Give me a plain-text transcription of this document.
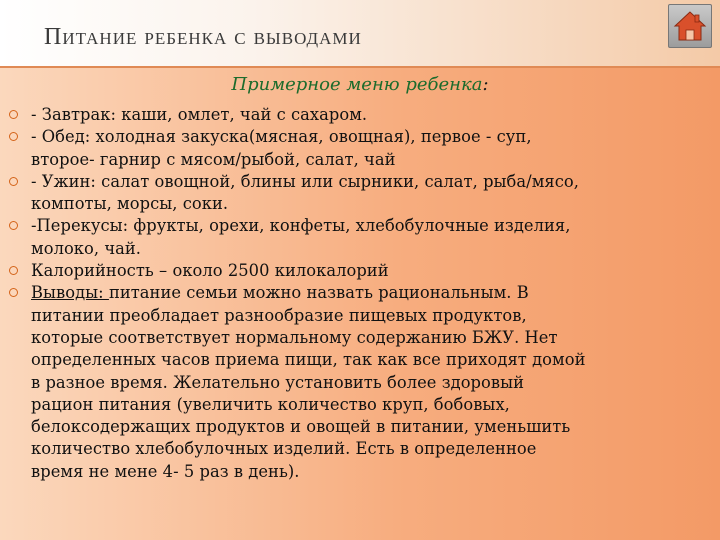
Питание ребенка с выводами

Примерное меню ребенка:

- Завтрак: каши, омлет, чай с сахаром.
- Обед: холодная закуска(мясная, овощная), первое - суп,
второе- гарнир с мясом/рыбой, салат, чай
- Ужин: салат овощной, блины или сырники, салат, рыба/мясо,
компоты, морсы, соки.
-Перекусы: фрукты, орехи, конфеты, хлебобулочные изделия,
молоко, чай.
Калорийность – около 2500 килокалорий
Выводы: питание семьи можно назвать рациональным. В
питании преобладает разнообразие пищевых продуктов,
которые соответствует нормальному содержанию БЖУ. Нет
определенных часов приема пищи, так как все приходят домой
в разное время. Желательно установить более здоровый
рацион питания (увеличить количество круп, бобовых,
белоксодержащих продуктов и овощей в питании, уменьшить
количество хлебобулочных изделий. Есть в определенное
время не мене 4- 5 раз в день).
